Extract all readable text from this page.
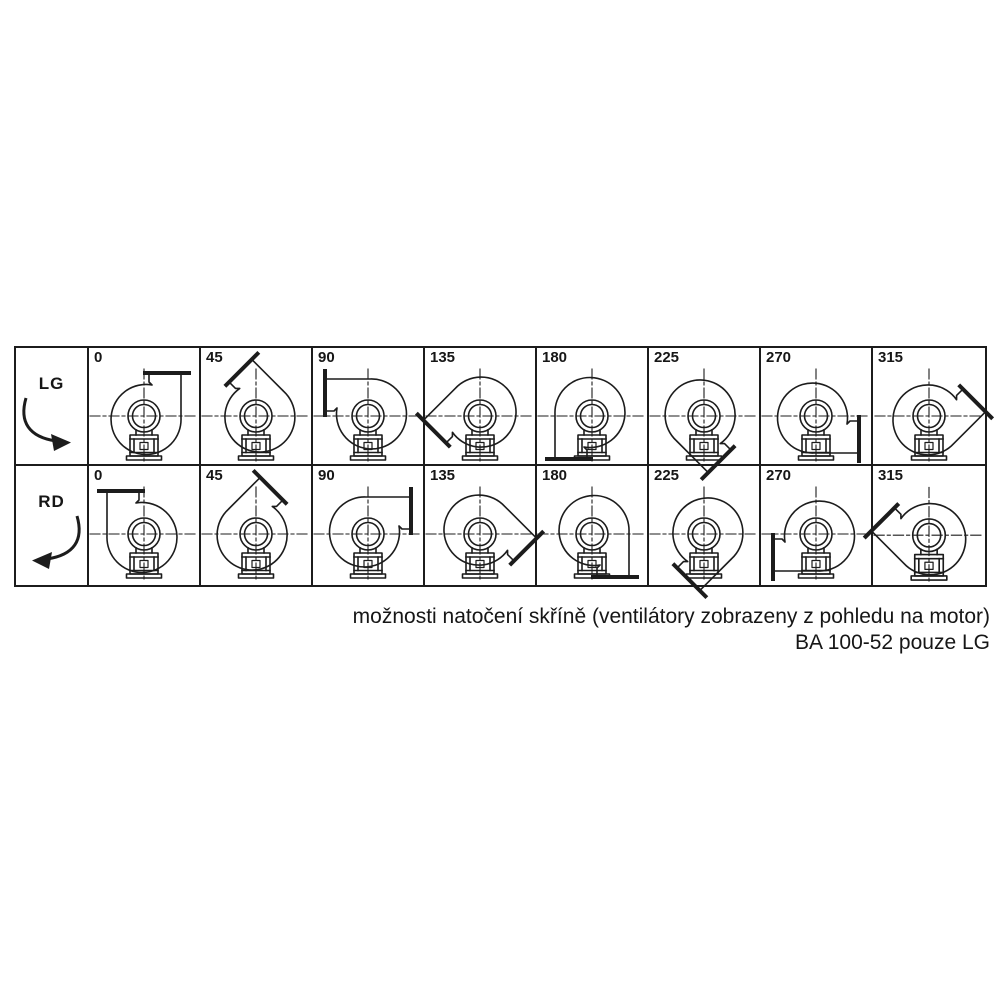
LG
0	45	90	135	180	225	270	315
RD
0	45	90	135	180	225	270	315
možnosti natočení skříně (ventilátory zobrazeny z pohledu na motor)
BA 100-52 pouze LG
